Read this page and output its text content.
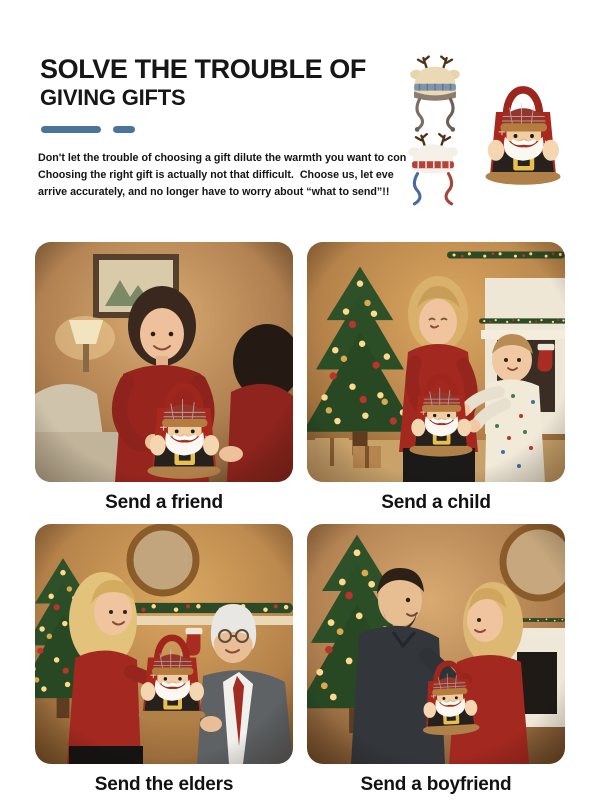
SOLVE THE TROUBLE OF
GIVING GIFTS
Don't let the trouble of choosing a gift dilute the warmth you want to con
Choosing the right gift is actually not that difficult.  Choose us, let eve
arrive accurately, and no longer have to worry about “what to send”!!
Send a friend	Send a child
Send the elders	Send a boyfriend
